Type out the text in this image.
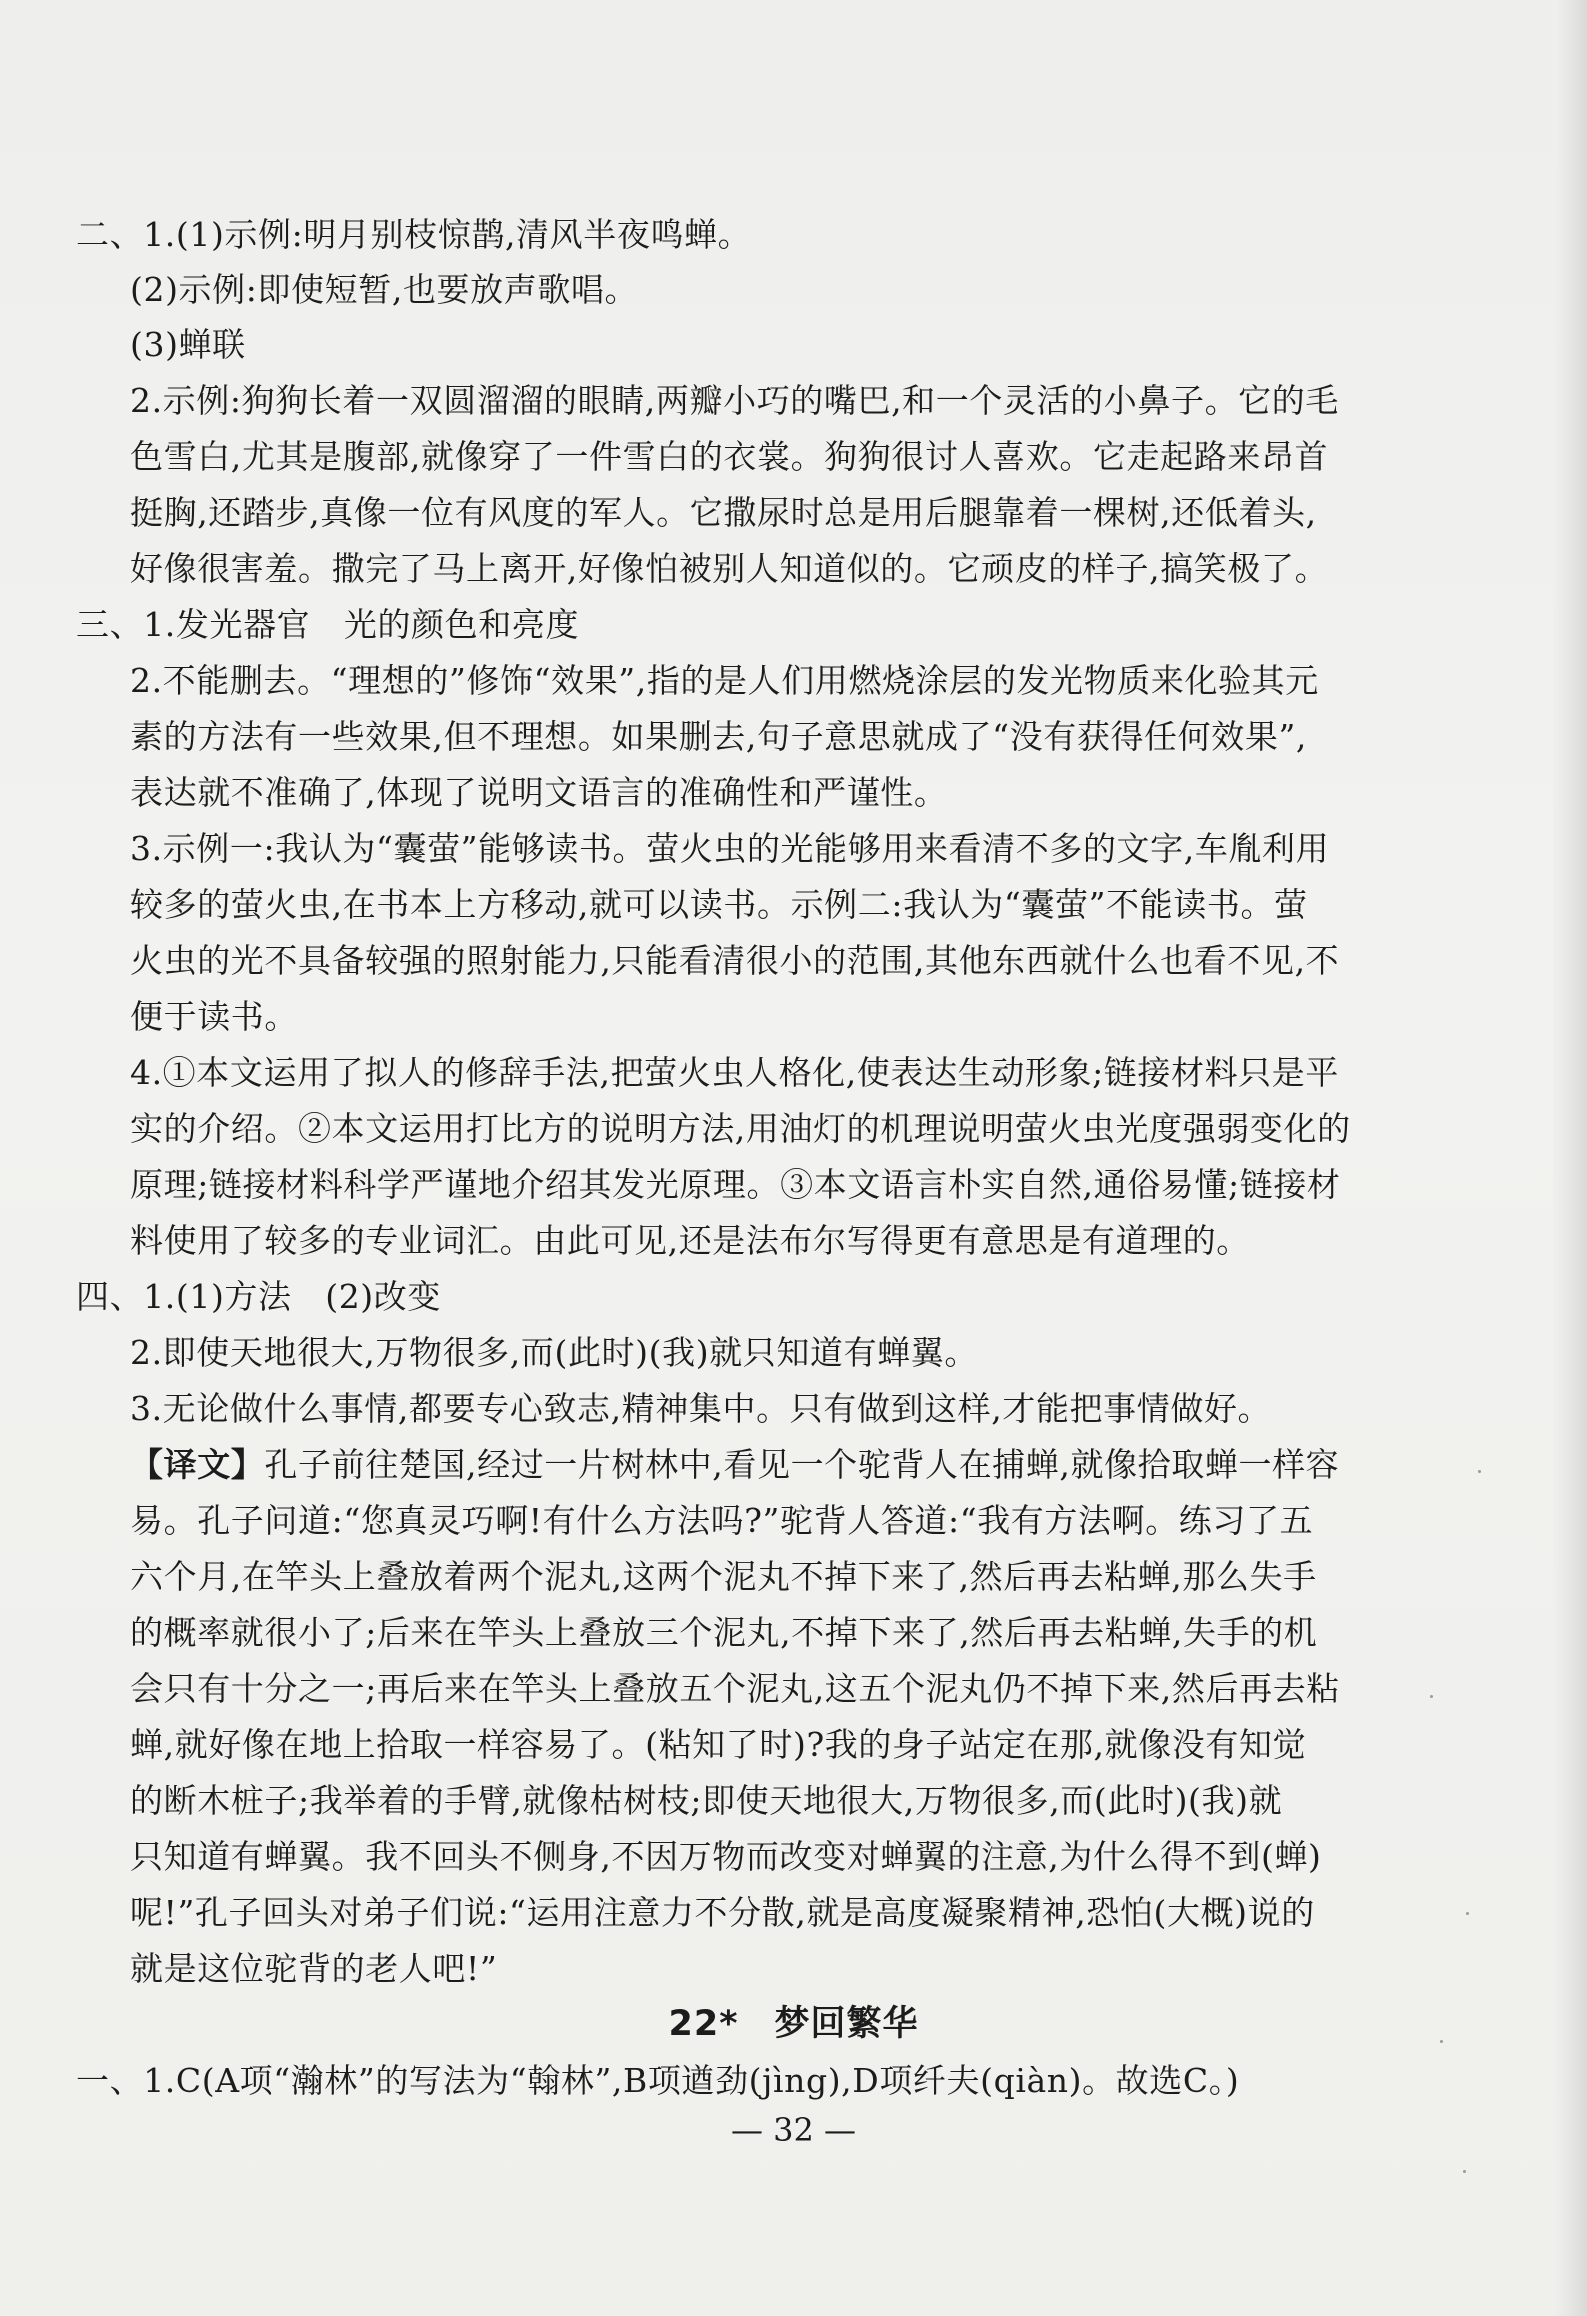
二、1.(1)示例:明月别枝惊鹊,清风半夜鸣蝉。
(2)示例:即使短暂,也要放声歌唱。
(3)蝉联
2.示例:狗狗长着一双圆溜溜的眼睛,两瓣小巧的嘴巴,和一个灵活的小鼻子。它的毛
色雪白,尤其是腹部,就像穿了一件雪白的衣裳。狗狗很讨人喜欢。它走起路来昂首
挺胸,还踏步,真像一位有风度的军人。它撒尿时总是用后腿靠着一棵树,还低着头,
好像很害羞。撒完了马上离开,好像怕被别人知道似的。它顽皮的样子,搞笑极了。
三、1.发光器官　光的颜色和亮度
2.不能删去。“理想的”修饰“效果”,指的是人们用燃烧涂层的发光物质来化验其元
素的方法有一些效果,但不理想。如果删去,句子意思就成了“没有获得任何效果”,
表达就不准确了,体现了说明文语言的准确性和严谨性。
3.示例一:我认为“囊萤”能够读书。萤火虫的光能够用来看清不多的文字,车胤利用
较多的萤火虫,在书本上方移动,就可以读书。示例二:我认为“囊萤”不能读书。萤
火虫的光不具备较强的照射能力,只能看清很小的范围,其他东西就什么也看不见,不
便于读书。
4.①本文运用了拟人的修辞手法,把萤火虫人格化,使表达生动形象;链接材料只是平
实的介绍。②本文运用打比方的说明方法,用油灯的机理说明萤火虫光度强弱变化的
原理;链接材料科学严谨地介绍其发光原理。③本文语言朴实自然,通俗易懂;链接材
料使用了较多的专业词汇。由此可见,还是法布尔写得更有意思是有道理的。
四、1.(1)方法　(2)改变
2.即使天地很大,万物很多,而(此时)(我)就只知道有蝉翼。
3.无论做什么事情,都要专心致志,精神集中。只有做到这样,才能把事情做好。
【译文】孔子前往楚国,经过一片树林中,看见一个驼背人在捕蝉,就像拾取蝉一样容
易。孔子问道:“您真灵巧啊!有什么方法吗?”驼背人答道:“我有方法啊。练习了五
六个月,在竿头上叠放着两个泥丸,这两个泥丸不掉下来了,然后再去粘蝉,那么失手
的概率就很小了;后来在竿头上叠放三个泥丸,不掉下来了,然后再去粘蝉,失手的机
会只有十分之一;再后来在竿头上叠放五个泥丸,这五个泥丸仍不掉下来,然后再去粘
蝉,就好像在地上拾取一样容易了。(粘知了时)?我的身子站定在那,就像没有知觉
的断木桩子;我举着的手臂,就像枯树枝;即使天地很大,万物很多,而(此时)(我)就
只知道有蝉翼。我不回头不侧身,不因万物而改变对蝉翼的注意,为什么得不到(蝉)
呢!”孔子回头对弟子们说:“运用注意力不分散,就是高度凝聚精神,恐怕(大概)说的
就是这位驼背的老人吧!”
22*　梦回繁华
一、1.C(A项“瀚林”的写法为“翰林”,B项遒劲(jìng),D项纤夫(qiàn)。故选C。)
— 32 —
